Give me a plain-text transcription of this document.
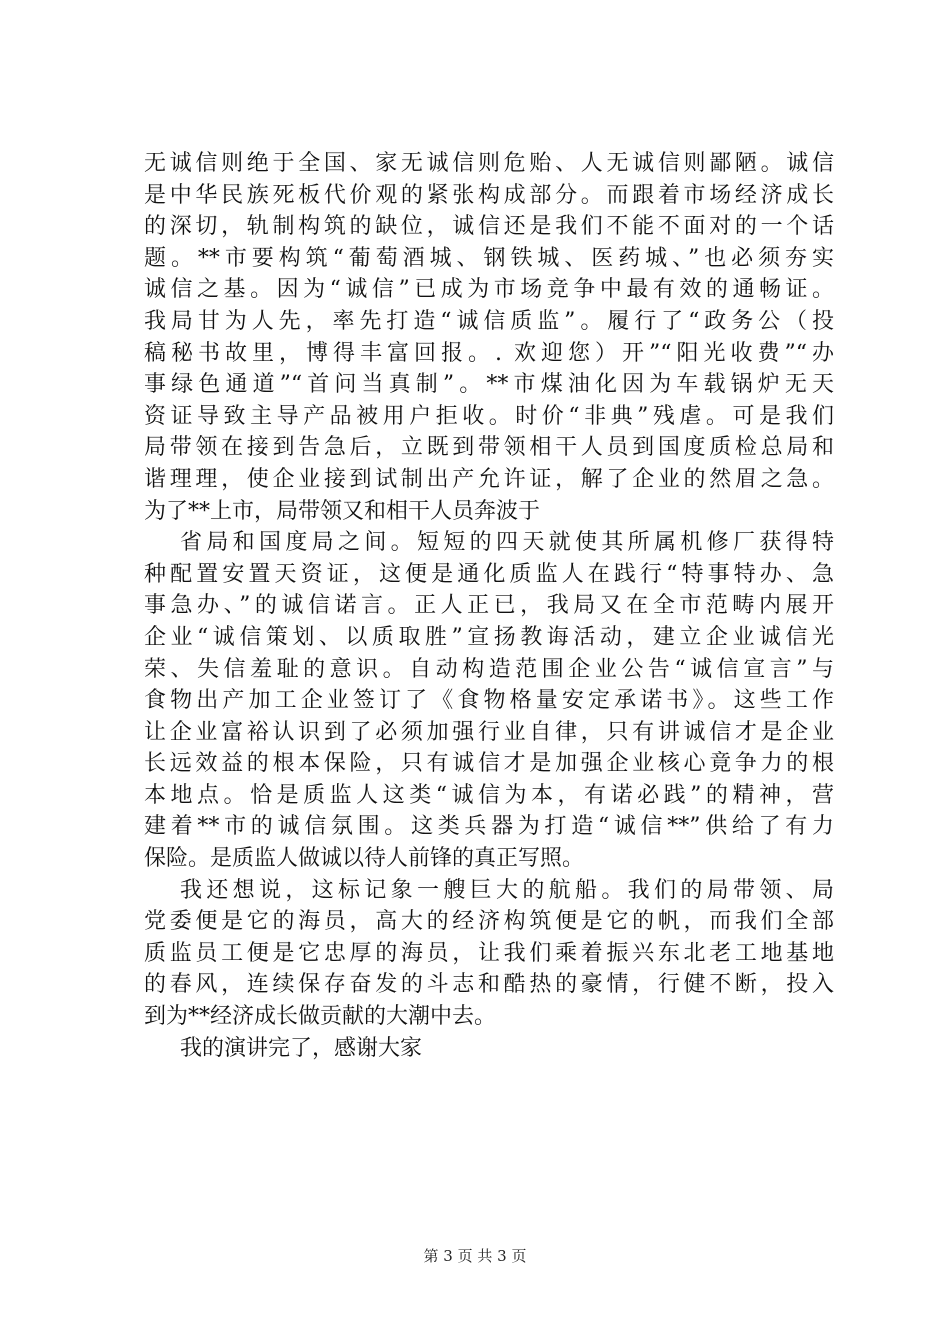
无诚信则绝于全国、家无诚信则危贻、人无诚信则鄙陋。诚信
是中华民族死板代价观的紧张构成部分。而跟着市场经济成长
的深切，轨制构筑的缺位，诚信还是我们不能不面对的一个话
题。**市要构筑“葡萄酒城、钢铁城、医药城、”也必须夯实
诚信之基。因为“诚信”已成为市场竞争中最有效的通畅证。
我局甘为人先，率先打造“诚信质监”。履行了“政务公（投
稿秘书故里，博得丰富回报。. 欢迎您）开”“阳光收费”“办
事绿色通道”“首问当真制”。**市煤油化因为车载锅炉无天
资证导致主导产品被用户拒收。时价“非典”残虐。可是我们
局带领在接到告急后，立既到带领相干人员到国度质检总局和
谐理理，使企业接到试制出产允许证，解了企业的然眉之急。
为了**上市，局带领又和相干人员奔波于
省局和国度局之间。短短的四天就使其所属机修厂获得特
种配置安置天资证，这便是通化质监人在践行“特事特办、急
事急办、”的诚信诺言。正人正已，我局又在全市范畴内展开
企业“诚信策划、以质取胜”宣扬教诲活动，建立企业诚信光
荣、失信羞耻的意识。自动构造范围企业公告“诚信宣言”与
食物出产加工企业签订了《食物格量安定承诺书》。这些工作
让企业富裕认识到了必须加强行业自律，只有讲诚信才是企业
长远效益的根本保险，只有诚信才是加强企业核心竟争力的根
本地点。恰是质监人这类“诚信为本，有诺必践”的精神，营
建着**市的诚信氛围。这类兵器为打造“诚信**”供给了有力
保险。是质监人做诚以待人前锋的真正写照。
我还想说，这标记象一艘巨大的航船。我们的局带领、局
党委便是它的海员，高大的经济构筑便是它的帆，而我们全部
质监员工便是它忠厚的海员，让我们乘着振兴东北老工地基地
的春风，连续保存奋发的斗志和酷热的豪情，行健不断，投入
到为**经济成长做贡献的大潮中去。
我的演讲完了，感谢大家
第 3 页 共 3 页
